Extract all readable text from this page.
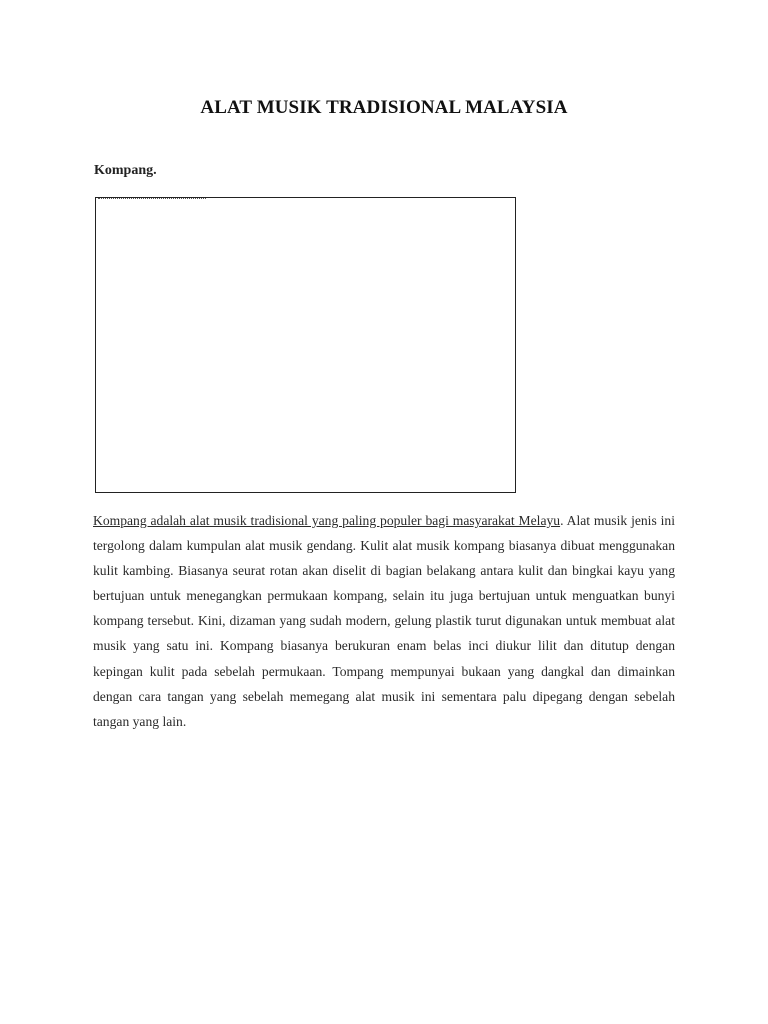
ALAT MUSIK TRADISIONAL MALAYSIA

Kompang.

Kompang adalah alat musik tradisional yang paling populer bagi masyarakat Melayu. Alat musik jenis ini tergolong dalam kumpulan alat musik gendang. Kulit alat musik kompang biasanya dibuat menggunakan kulit kambing. Biasanya seurat rotan akan diselit di bagian belakang antara kulit dan bingkai kayu yang bertujuan untuk menegangkan permukaan kompang, selain itu juga bertujuan untuk menguatkan bunyi kompang tersebut. Kini, dizaman yang sudah modern, gelung plastik turut digunakan untuk membuat alat musik yang satu ini. Kompang biasanya berukuran enam belas inci diukur lilit dan ditutup dengan kepingan kulit pada sebelah permukaan. Tompang mempunyai bukaan yang dangkal dan dimainkan dengan cara tangan yang sebelah memegang alat musik ini sementara palu dipegang dengan sebelah tangan yang lain.
